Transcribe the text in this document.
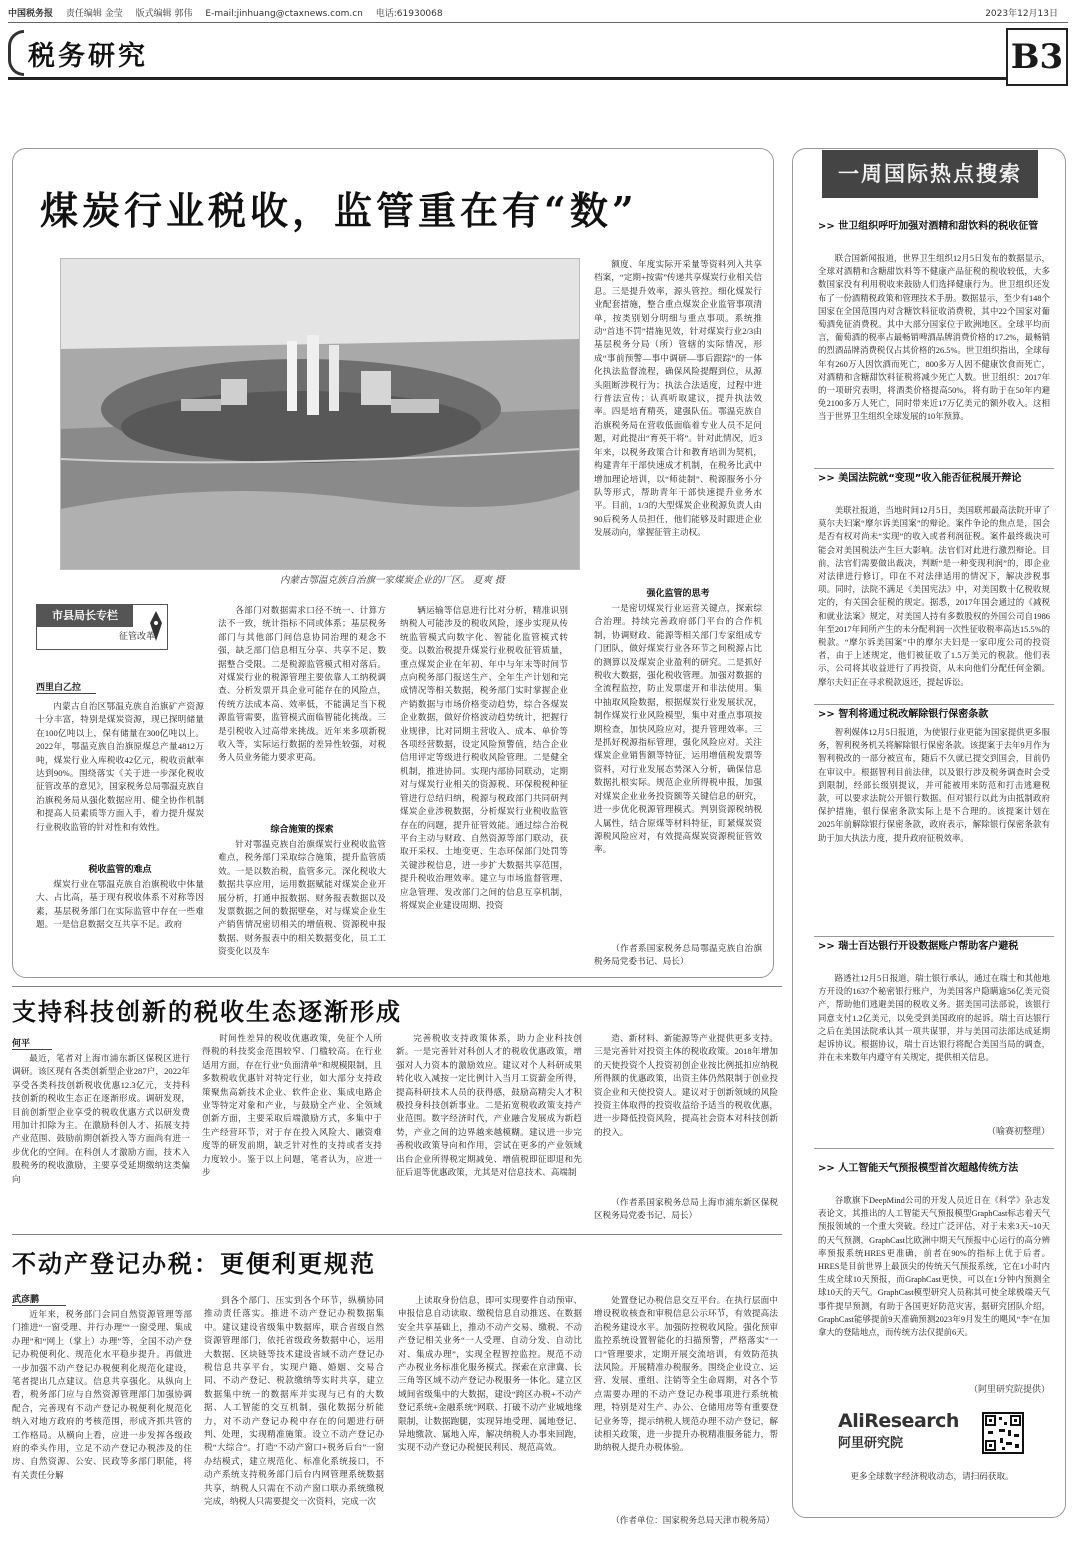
中国税务报 责任编辑 金莹 版式编辑 郭伟 E-mail:jinhuang@ctaxnews.com.cn 电话:61930068	2023年12月13日
税务研究	B3
煤炭行业税收，监管重在有“数”
内蒙古鄂温克族自治旗一家煤炭企业的厂区。 夏爽 摄
市县局长专栏
征管改革
西里白乙拉

内蒙古自治区鄂温克族自治旗矿产资源十分丰富，特别是煤炭资源，现已探明储量在100亿吨以上，保有储量在300亿吨以上。2022年，鄂温克族自治旗原煤总产量4812万吨，煤炭行业入库税收42亿元，税收贡献率达到90%。围绕落实《关于进一步深化税收征管改革的意见》，国家税务总局鄂温克族自治旗税务局从强化数据应用、健全协作机制和提高人员素质等方面入手，着力提升煤炭行业税收监管的针对性和有效性。

税收监管的难点

煤炭行业在鄂温克族自治旗税收中体量大、占比高，基于现有税收体系不对称等因素，基层税务部门在实际监管中存在一些难题。一是信息数据交互共享不足。政府

各部门对数据需求口径不统一、计算方法不一致，统计指标不同或体系；基层税务部门与其他部门间信息协同治理的观念不强，缺乏部门信息相互分享、共享不足、数据整合受限。二是税源监管模式相对落后。对煤炭行业的税源管理主要依靠人工纳税调查、分析发票开具企业可能存在的风险点，传统方法成本高、效率低，不能满足当下税源监管需要，监管模式面临智能化挑战。三是引税收入过高带来挑战。近年来多项新税收入等，实际运行数据的差异性较强，对税务人员业务能力要求更高。

综合施策的探索

针对鄂温克族自治旗煤炭行业税收监管难点，税务部门采取综合施策，提升监管质效。一是以数治税，监管多元。深化税收大数据共享应用，运用数据赋能对煤炭企业开展分析，打通申报数据、财务报表数据以及发票数据之间的数据壁垒，对与煤炭企业生产销售情况密切相关的增值税、资源税申报数据、财务报表中的相关数据变化，员工工资变化以及车

辆运输等信息进行比对分析，精准识别纳税人可能涉及的税收风险，逐步实现从传统监管模式向数字化、智能化监管模式转变。以数治税提升煤炭行业税收征管质量，重点煤炭企业在年初、年中与年末等时间节点向税务部门报送生产、全年生产计划和完成情况等相关数据，税务部门实时掌握企业产销数据与市场价格变动趋势，综合各煤炭企业数据，做好价格波动趋势统计，把握行业规律，比对同期主营收入、成本、单价等各项经营数据，设定风险预警值，结合企业信用评定等级进行税收风险管理。二是健全机制，推进协同。实现内部协同联动，定期对与煤炭行业相关的资源税、环保税税种征管进行总结归纳，税源与税政部门共同研判煤炭企业涉税数据，分析煤炭行业税收监管存在的问题，提升征管效能。通过综合治税平台主动与财政、自然资源等部门联动，获取开采权、土地变更、生态环保部门处罚等关键涉税信息，进一步扩大数据共享范围，提升税收治理效率。建立与市场监督管理、应急管理、发改部门之间的信息互享机制，将煤炭企业建设周期、投资

额度、年度实际开采量等资料列入共享档案，“定期+按需”传递共享煤炭行业相关信息。三是提升效率，源头管控。细化煤炭行业配套措施，整合重点煤炭企业监管事项清单，按类别划分明细与重点事项。系统推动“首违不罚”措施见效，针对煤炭行业2/3由基层税务分局（所）管辖的实际情况，形成“事前预警—事中调研—事后跟踪”的一体化执法监督流程，确保风险提醒到位，从源头阻断涉税行为；执法合法适度，过程中进行普法宣传；认真听取建议，提升执法效率。四是培育精英，建强队伍。鄂温克族自治旗税务局在营收低面临着专业人员不足问题，对此提出“育英干将”。针对此情况，近3年来，以税务政策合计和教育培训为契机，构建青年干部快速成才机制，在税务比武中增加理论培训，以“师徒制”、税源服务小分队等形式，帮助青年干部快速提升业务水平。目前，1/3的大型煤炭企业税源负责人由90后税务人员担任，他们能够及时跟进企业发展动向，掌握征管主动权。

强化监管的思考

一是密切煤炭行业运营关键点，探索综合治理。持续完善政府部门平台的合作机制，协调财政、能源等相关部门专家组成专门团队，做好煤炭行业各环节之间税源占比的测算以及煤炭企业盈利的研究。二是抓好税收大数据，强化税收管理。加强对数据的全流程监控，防止发票虚开和非法使用。集中抽取风险数据，根据煤炭行业发展状况，制作煤炭行业风险模型，集中对重点事项按期检查，加快风险应对，提升管理效率。三是抓好税源指标管理，强化风险应对。关注煤炭企业销售额等特征，运用增值税发票等资料，对行业发展态势深入分析，确保信息数据扎根实际。规范企业所得税申报，加强对煤炭企业业务投资额等关键信息的研究，进一步优化税源管理模式。判别资源税纳税人属性，结合原煤等材料特征，盯紧煤炭资源税风险应对，有效提高煤炭资源税征管效率。

（作者系国家税务总局鄂温克族自治旗税务局党委书记、局长）

支持科技创新的税收生态逐渐形成
何平

最近，笔者对上海市浦东新区保税区进行调研。该区现有各类创新型企业287户，2022年享受各类科技创新税收优惠12.3亿元，支持科技创新的税收生态正在逐渐形成。调研发现，目前创新型企业享受的税收优惠方式以研发费用加计扣除为主。在激励科创人才、拓展支持产业范围、鼓励前期创新投入等方面尚有进一步优化的空间。在科创人才激励方面，技术入股税务的税收激励，主要享受延期缴纳这类偏向

时间性差异的税收优惠政策，免征个人所得税的科技奖金范围较窄、门槛较高。在行业适用方面，存在行业“负面清单”和规模限制，且多数税收优惠针对特定行业，如大部分支持政策聚焦高新技术企业、软件企业、集成电路企业等特定对象和产业，与鼓励全产业、全领域创新方面，主要采取后端激励方式，多集中于生产经营环节，对于存在投入风险大、融资难度等的研发前期，缺乏针对性的支持或者支持力度较小。鉴于以上问题，笔者认为，应进一步

完善税收支持政策体系，助力企业科技创新。一是完善针对科创人才的税收优惠政策，增强对人力资本的激励效应。建议对个人科研成果转化收入减按一定比例计入当月工资薪金所得，提高科研技术人员的获得感，鼓励高精尖人才积极投身科技创新事业。二是拓宽税收政策支持产业范围。数字经济时代，产业融合发展成为新趋势，产业之间的边界越来越模糊。建议进一步完善税收政策导向和作用，尝试在更多的产业领域出台企业所得税定期减免、增值税即征即退和先征后退等优惠政策，尤其是对信息技术、高端制

造、新材料、新能源等产业提供更多支持。三是完善针对投资主体的税收政策。2018年增加的天使投资个人投资初创企业按比例抵扣应纳税所得额的优惠政策，出资主体仍然限制于创业投资企业和天使投资人。建议对于创新领域的风险投资主体取得的投资收益给予适当的税收优惠，进一步降低投资风险，提高社会资本对科技创新的投入。

（作者系国家税务总局上海市浦东新区保税区税务局党委书记、局长）

不动产登记办税：更便利更规范
武彦鹏

近年来，税务部门会同自然资源管理等部门推进“一窗受理、并行办理”“一窗受理、集成办理”和“网上（掌上）办理”等，全国不动产登记办税便利化、规范化水平稳步提升。再做进一步加强不动产登记办税便利化规范化建设，笔者提出几点建议。信息共享强化。从纵向上看，税务部门应与自然资源管理部门加强协调配合，完善现有不动产登记办税便利化规范化纳入对地方政府的考核范围，形成齐抓共管的工作格局。从横向上看，应进一步发挥各级政府的牵头作用，立足不动产登记办税涉及的住房、自然资源、公安、民政等多部门职能，将有关责任分解

到各个部门、压实到各个环节，纵横协同推动责任落实。推进不动产登记办税数据集中。建议建设省级集中数据库，联合省级自然资源管理部门，依托省级政务数据中心，运用大数据、区块链等技术建设省域不动产登记办税信息共享平台，实现户籍、婚姻、交易合同、不动产登记、税款缴纳等实时共享，建立数据集中统一的数据库并实现与已有的大数据、人工智能的交互机制，强化数据分析能力，对不动产登记办税中存在的问题进行研判、处理，实现精准施策。设立不动产登记办税“大综合”。打造“不动产窗口+税务后台”一窗办结模式，建立规范化、标准化系统接口，不动产系统支持税务部门后台内网管理系统数据共享，纳税人只需在不动产窗口联办系统缴税完成，纳税人只需要提交一次资料，完成一次

上读取身份信息，即可实现要件自动预审、申报信息自动读取、缴税信息自动推送、在数据安全共享基础上，推动不动产交易、缴税、不动产登记相关业务“一人受理、自动分发、自动比对、集成办理”，实现全程智控监控。规范不动产办税业务标准化服务模式。探索在京津冀、长三角等区域不动产登记办税服务一体化。建立区域间省级集中的大数据，建设“跨区办税+不动产登记系统+金融系统”网联、打破不动产业城地缘限制，让数据跑腿，实现异地受理、属地登记、异地缴款、属地入库，解决纳税人办事来回跑，实现不动产登记办税便民利民、规范高效。

处置登记办税信息交互平台。在执行层面中增设税收核查和审税信息公示环节，有效提高法治税务建设水平。加强防控税收风险。强化预审监控系统设置智能化的扫描预警，严格落实“一口”管理要求，定期开展交流培训，有效防范执法风险。开展精准办税服务。围绕企业设立、运营、发展、重组、注销等全生命周期，对各个节点需要办理的不动产登记办税事项进行系统梳理，特别是对生产、办公、仓储用房等有重要登记业务等，提示纳税人规范办理不动产登记，解读相关政策，进一步提升办税精准服务能力，帮助纳税人提升办税体验。

（作者单位：国家税务总局天津市税务局）

一周国际热点搜索
>> 世卫组织呼吁加强对酒精和甜饮料的税收征管

联合国新闻报道，世界卫生组织12月5日发布的数据显示，全球对酒精和含糖甜饮料等不健康产品征税的税收较低，大多数国家没有利用税收来鼓励人们选择健康行为。世卫组织还发布了一份酒精税政策和管理技术手册。数据显示，至少有148个国家在全国范围内对含糖饮料征收消费税，其中22个国家对葡萄酒免征消费税。其中大部分国家位于欧洲地区。全球平均而言，葡萄酒的税率占最畅销啤酒品牌消费价格的17.2%，最畅销的烈酒品牌消费税仅占其价格的26.5%。世卫组织指出，全球每年有260万人因饮酒而死亡，800多万人因不健康饮食而死亡，对酒精和含糖甜饮料征税将减少死亡人数。世卫组织：2017年的一项研究表明，将酒类价格提高50%，将有助于在50年内避免2100多万人死亡，同时带来近17万亿美元的额外收入。这相当于世界卫生组织全球发展的10年预算。

>> 美国法院就“变现”收入能否征税展开辩论

美联社报道，当地时间12月5日，美国联邦最高法院开审了莫尔夫妇案“摩尔诉美国案”的辩论。案件争论的焦点是，国会是否有权对尚未“实现”的收入或者利润征税。案件最终裁决可能会对美国税法产生巨大影响。法官们对此进行激烈辩论。目前，法官们需要做出裁决，判断“是一种变现利润”的，即企业对法律进行修订，印在不对法律适用的情况下，解决涉税事项。同时，法院不满足《美国宪法》中，对美国数十亿税收规定的，有关国会征税的规定。据悉，2017年国会通过的《减税和就业法案》规定，对美国人持有多数股权的外国公司自1986年至2017年间所产生的未分配利润一次性征收税率高达15.5%的税款。“摩尔诉美国案”中的摩尔夫妇是一家印度公司的投资者，由于上述规定，他们被征收了1.5万美元的税款。他们表示，公司将其收益进行了再投资，从未向他们分配任何金额。摩尔夫妇正在寻求税款返还，提起诉讼。

>> 智利将通过税改解除银行保密条款

智利媒体12月5日报道，为使银行业更能为国家提供更多服务，智利税务机关将解除银行保密条款。该提案于去年9月作为智利税改的一部分被宣布，随后不久就已提交到国会，目前仍在审议中。根据智利目前法律，以及银行涉及税务调查时会受到限制，经部长级别提议，并可能被用来防范和打击逃避税款，可以要求法院公开银行数据。但对银行以此为由抵制政府保护措施，银行保密条款实际上是不合理的。该提案计划在2025年前解除银行保密条款，政府表示，解除银行保密条款有助于加大执法力度，提升政府征税效率。

>> 瑞士百达银行开设数据账户帮助客户避税

路透社12月5日报道，瑞士银行承认，通过在瑞士和其他地方开设的1637个秘密银行账户，为美国客户隐瞒逾56亿美元资产，帮助他们逃避美国的税收义务。据美国司法部说，该银行同意支付1.2亿美元，以免受到美国政府的起诉。瑞士百达银行之后在美国法院承认其一项共谋罪，并与美国司法部达成延期起诉协议。根据协议，瑞士百达银行将配合美国当局的调查，并在未来数年内遵守有关规定，提供相关信息。

（喻赛初整理）
>> 人工智能天气预报模型首次超越传统方法

谷歌旗下DeepMind公司的开发人员近日在《科学》杂志发表论文，其推出的人工智能天气预报模型GraphCast标志着天气预报领域的一个重大突破。经过广泛评估，对于未来3天~10天的天气预测，GraphCast比欧洲中期天气预报中心运行的高分辨率预报系统HRES更准确，前者在90%的指标上优于后者。HRES是目前世界上最顶尖的传统天气预报系统，它在1小时内生成全球10天预报，而GraphCast更快，可以在1分钟内预测全球10天的天气。GraphCast模型研究人员称其可使全球极端天气事件提早预测，有助于各国更好防范灾害，据研究团队介绍，GraphCast能够提前9天准确预测2023年9月发生的飓风“李”在加拿大的登陆地点，而传统方法仅提前6天。

（阿里研究院提供）
AliResearch
阿里研究院
更多全球数字经济税收动态，请扫码获取。
